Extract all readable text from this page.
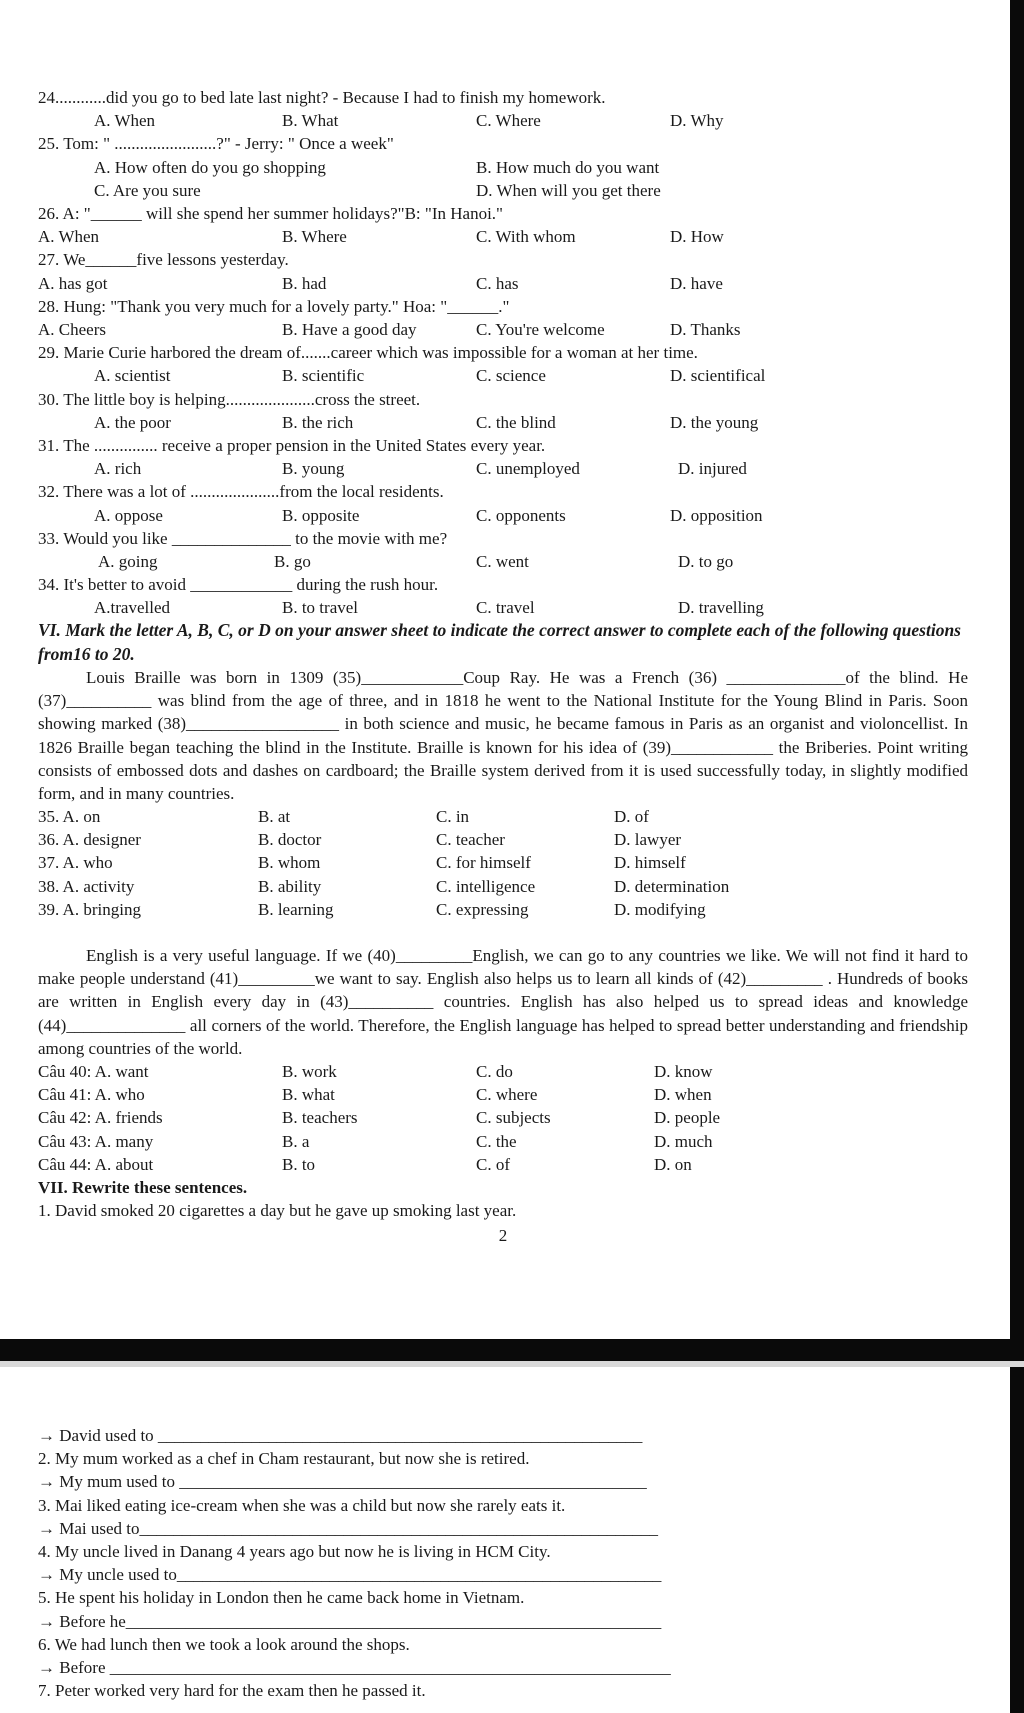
24............did you go to bed late last night? - Because I had to finish my homework.
A. When	B. What	C. Where	D. Why
25. Tom: " ........................?" - Jerry: " Once a week"
A. How often do you go shopping	B. How much do you want
C. Are you sure	D. When will you get there
26. A: "______ will she spend her summer holidays?"B: "In Hanoi."
A. When	B. Where	C. With whom	D. How
27. We______five lessons yesterday.
A. has got	B. had	C. has	D. have
28. Hung: "Thank you very much for a lovely party." Hoa: "______."
A. Cheers	B. Have a good day	C. You're welcome	D. Thanks
29. Marie Curie harbored the dream of.......career which was impossible for a woman at her time.
A. scientist	B. scientific	C. science	D. scientifical
30. The little boy is helping.....................cross the street.
A. the poor	B. the rich	C. the blind	D. the young
31. The ............... receive a proper pension in the United States every year.
A. rich	B. young	C. unemployed	D. injured
32. There was a lot of .....................from the local residents.
A. oppose	B. opposite	C. opponents	D. opposition
33. Would you like ______________ to the movie with me?
A. going	B. go	C. went	D. to go
34. It's better to avoid ____________ during the rush hour.
A.travelled	B. to travel	C. travel	D. travelling
VI. Mark the letter A, B, C, or D on your answer sheet to indicate the correct answer to complete each of the following questions from16 to 20.
Louis Braille was born in 1309 (35)____________Coup Ray. He was a French (36) ______________of the blind. He (37)__________ was blind from the age of three, and in 1818 he went to the National Institute for the Young Blind in Paris. Soon showing marked (38)__________________ in both science and music, he became famous in Paris as an organist and violoncellist. In 1826 Braille began teaching the blind in the Institute. Braille is known for his idea of (39)____________ the Briberies. Point writing consists of embossed dots and dashes on cardboard; the Braille system derived from it is used successfully today, in slightly modified form, and in many countries.
35. A. on	B. at	C. in	D. of
36. A. designer	B. doctor	C. teacher	D. lawyer
37. A. who	B. whom	C. for himself	D. himself
38. A. activity	B. ability	C. intelligence	D. determination
39. A. bringing	B. learning	C. expressing	D. modifying
English is a very useful language. If we (40)_________English, we can go to any countries we like. We will not find it hard to make people understand (41)_________we want to say. English also helps us to learn all kinds of (42)_________ . Hundreds of books are written in English every day in (43)__________ countries. English has also helped us to spread ideas and knowledge (44)______________ all corners of the world. Therefore, the English language has helped to spread better understanding and friendship among countries of the world.
Câu 40: A. want	B. work	C. do	D. know
Câu 41: A. who	B. what	C. where	D. when
Câu 42: A. friends	B. teachers	C. subjects	D. people
Câu 43: A. many	B. a	C. the	D. much
Câu 44: A. about	B. to	C. of	D. on
VII. Rewrite these sentences.
1. David smoked 20 cigarettes a day but he gave up smoking last year.
2
→ David used to _________________________________________________________
2. My mum worked as a chef in Cham restaurant, but now she is retired.
→ My mum used to _______________________________________________________
3. Mai liked eating ice-cream when she was a child but now she rarely eats it.
→ Mai used to_____________________________________________________________
4. My uncle lived in Danang 4 years ago but now he is living in HCM City.
→ My uncle used to_________________________________________________________
5. He spent his holiday in London then he came back home in Vietnam.
→ Before he_______________________________________________________________
6. We had lunch then we took a look around the shops.
→ Before __________________________________________________________________
7. Peter worked very hard for the exam then he passed it.
